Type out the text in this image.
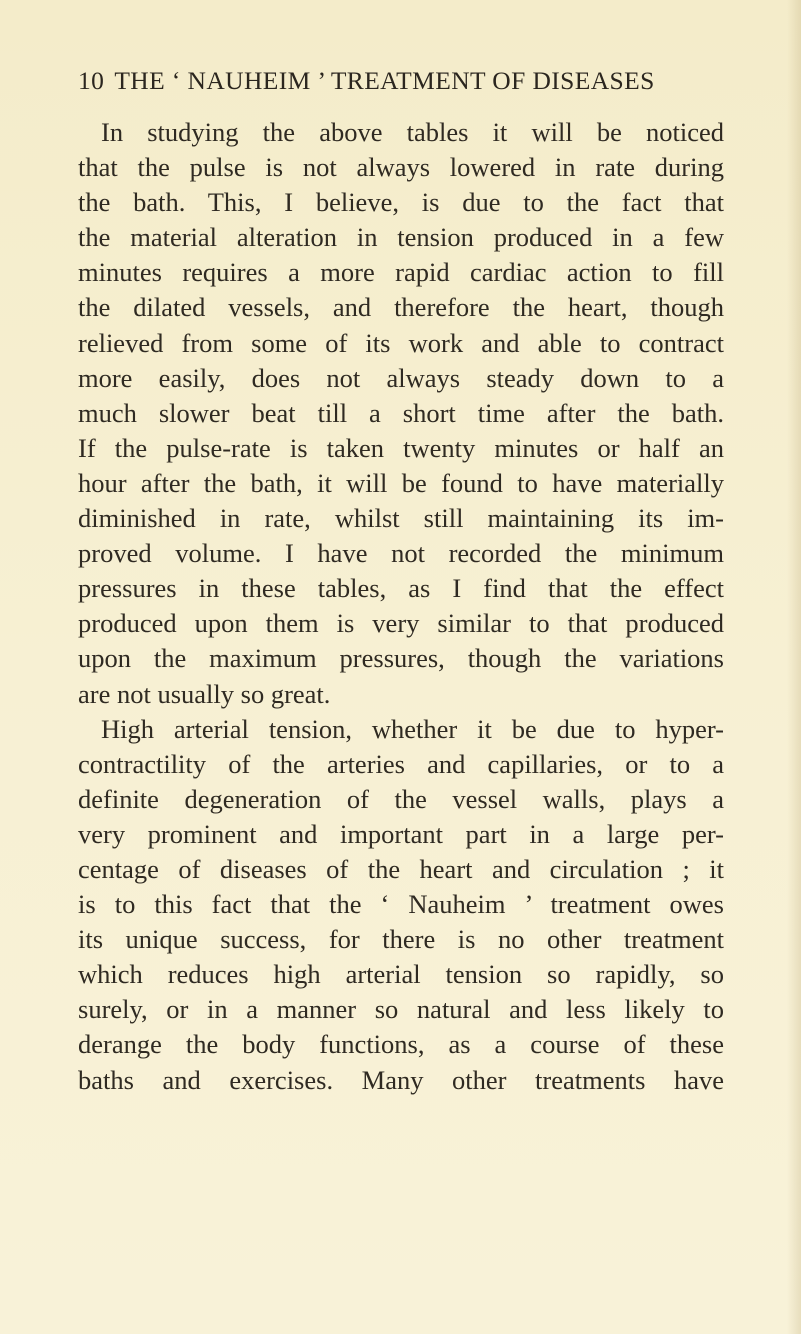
10 THE ‘ NAUHEIM ’ TREATMENT OF DISEASES
In studying the above tables it will be noticed
that the pulse is not always lowered in rate during
the bath. This, I believe, is due to the fact that
the material alteration in tension produced in a few
minutes requires a more rapid cardiac action to fill
the dilated vessels, and therefore the heart, though
relieved from some of its work and able to contract
more easily, does not always steady down to a
much slower beat till a short time after the bath.
If the pulse-rate is taken twenty minutes or half an
hour after the bath, it will be found to have materially
diminished in rate, whilst still maintaining its im-
proved volume. I have not recorded the minimum
pressures in these tables, as I find that the effect
produced upon them is very similar to that produced
upon the maximum pressures, though the variations
are not usually so great.
High arterial tension, whether it be due to hyper-
contractility of the arteries and capillaries, or to a
definite degeneration of the vessel walls, plays a
very prominent and important part in a large per-
centage of diseases of the heart and circulation ; it
is to this fact that the ‘ Nauheim ’ treatment owes
its unique success, for there is no other treatment
which reduces high arterial tension so rapidly, so
surely, or in a manner so natural and less likely to
derange the body functions, as a course of these
baths and exercises. Many other treatments have
